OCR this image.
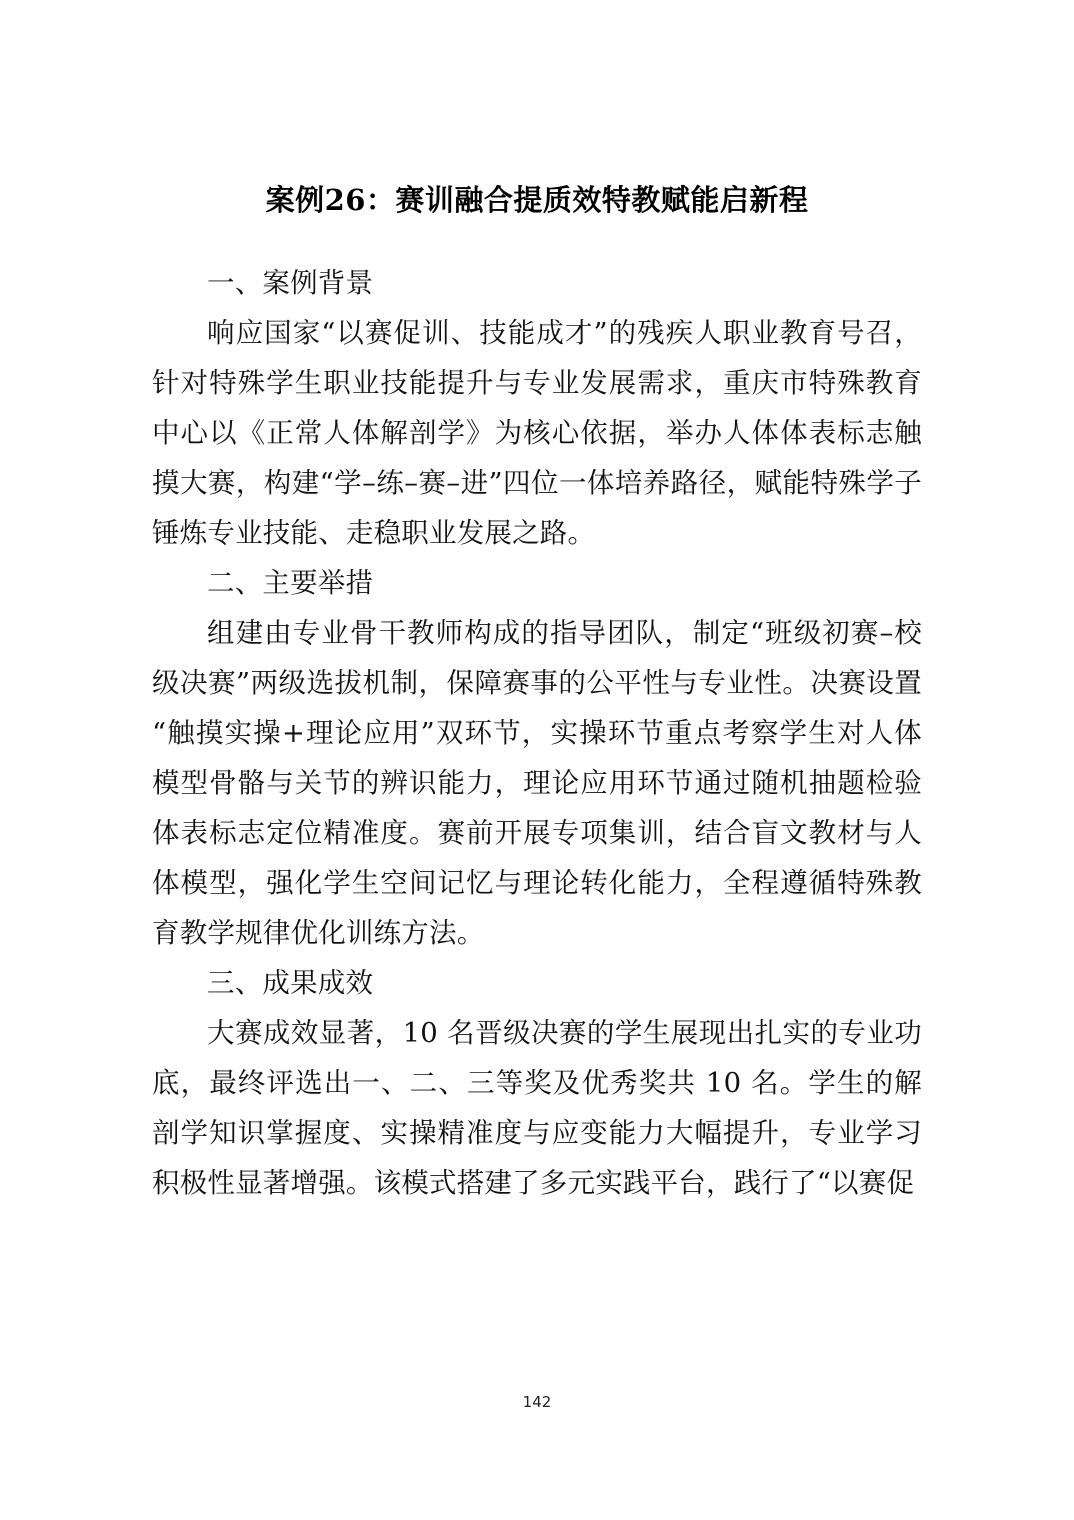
案例26：赛训融合提质效特教赋能启新程

一、案例背景

响应国家“以赛促训、技能成才”的残疾人职业教育号召，针对特殊学生职业技能提升与专业发展需求，重庆市特殊教育中心以《正常人体解剖学》为核心依据，举办人体体表标志触摸大赛，构建“学–练–赛–进”四位一体培养路径，赋能特殊学子锤炼专业技能、走稳职业发展之路。

二、主要举措

组建由专业骨干教师构成的指导团队，制定“班级初赛–校级决赛”两级选拔机制，保障赛事的公平性与专业性。决赛设置“触摸实操+理论应用”双环节，实操环节重点考察学生对人体模型骨骼与关节的辨识能力，理论应用环节通过随机抽题检验体表标志定位精准度。赛前开展专项集训，结合盲文教材与人体模型，强化学生空间记忆与理论转化能力，全程遵循特殊教育教学规律优化训练方法。

三、成果成效

大赛成效显著，10 名晋级决赛的学生展现出扎实的专业功底，最终评选出一、二、三等奖及优秀奖共 10 名。学生的解剖学知识掌握度、实操精准度与应变能力大幅提升，专业学习积极性显著增强。该模式搭建了多元实践平台，践行了“以赛促

142
